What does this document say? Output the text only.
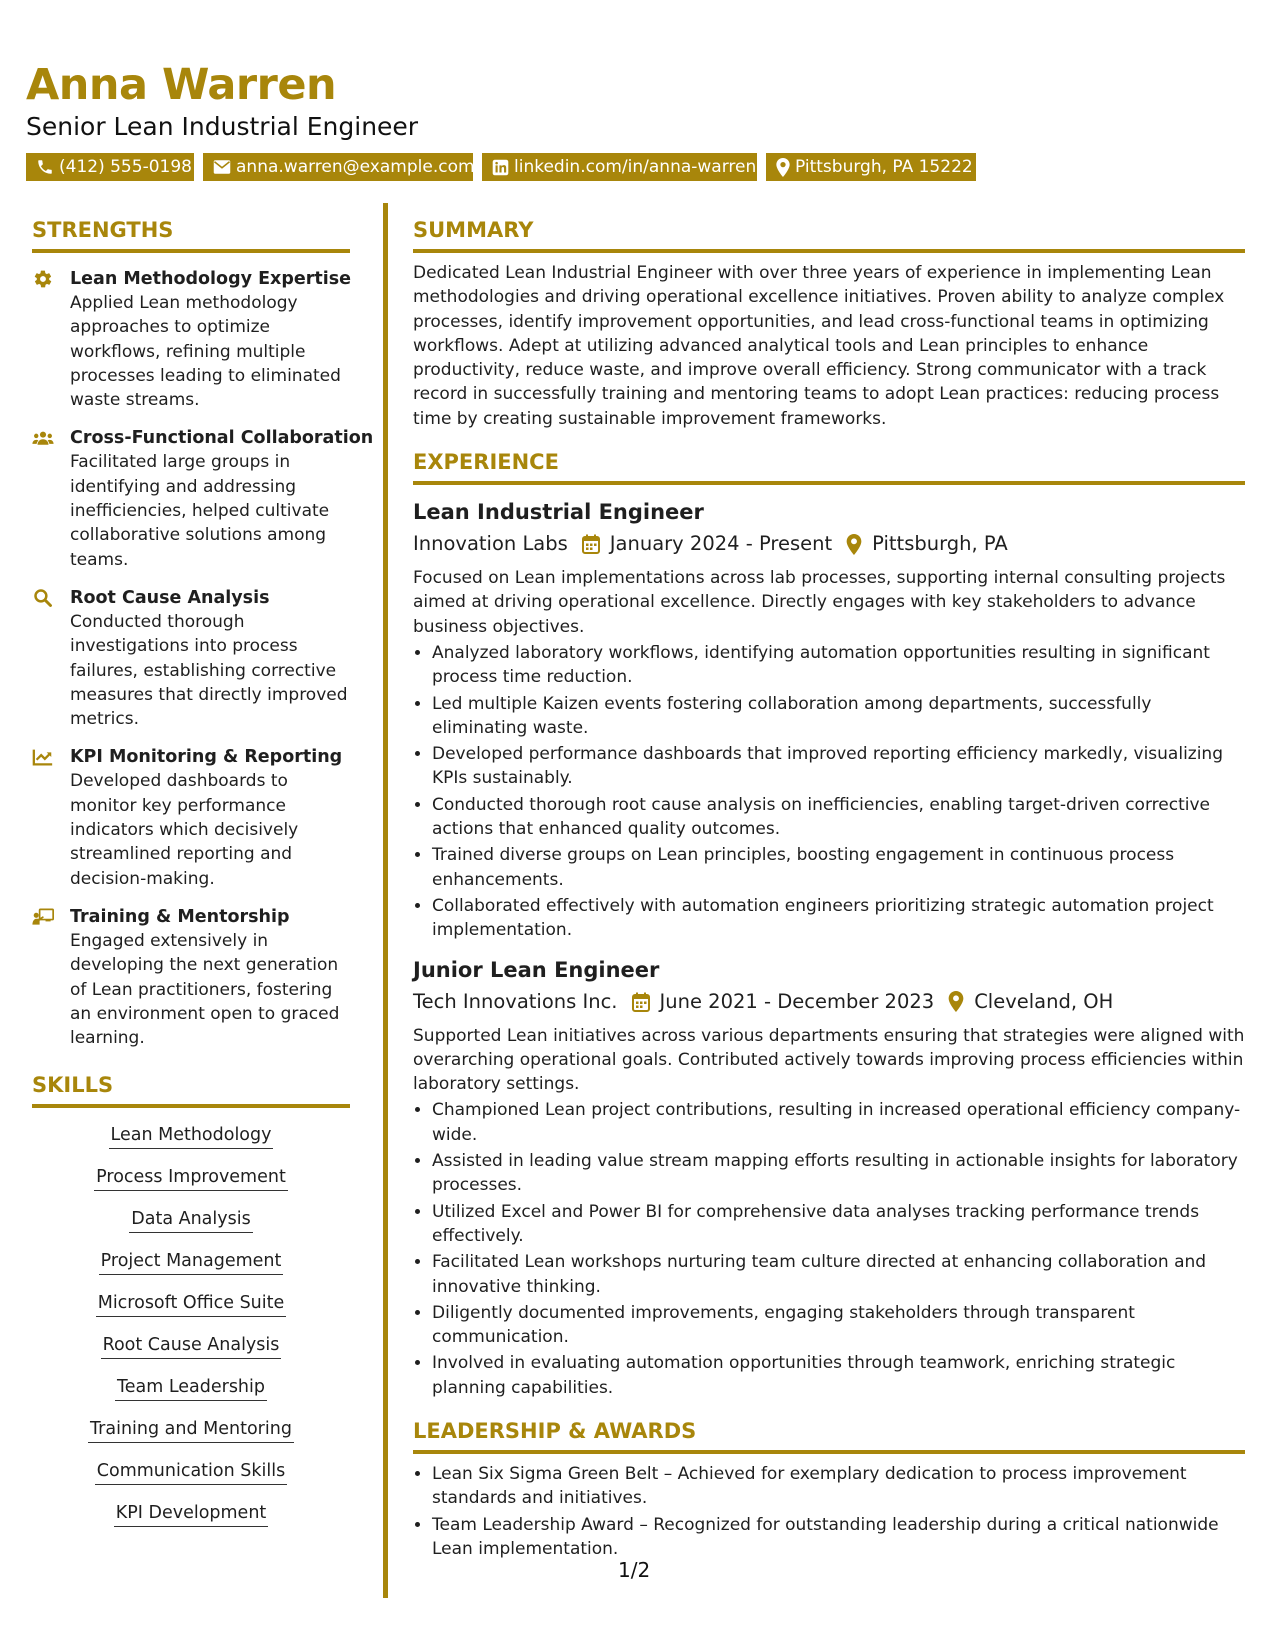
Anna Warren
Senior Lean Industrial Engineer
(412) 555-0198	anna.warren@example.com linkedin.com/in/anna-warren Pittsburgh, PA 15222
STRENGTHS
Lean Methodology Expertise
Applied Lean methodology approaches to optimize workflows, refining multiple processes leading to eliminated waste streams.
Cross-Functional Collaboration
Facilitated large groups in identifying and addressing inefficiencies, helped cultivate collaborative solutions among teams.
Root Cause Analysis
Conducted thorough investigations into process failures, establishing corrective measures that directly improved metrics.
KPI Monitoring & Reporting
Developed dashboards to monitor key performance indicators which decisively streamlined reporting and decision-making.
Training & Mentorship
Engaged extensively in developing the next generation of Lean practitioners, fostering an environment open to graced learning.
SKILLS
Lean Methodology
Process Improvement
Data Analysis
Project Management
Microsoft Office Suite
Root Cause Analysis
Team Leadership
Training and Mentoring
Communication Skills
KPI Development
SUMMARY
Dedicated Lean Industrial Engineer with over three years of experience in implementing Lean methodologies and driving operational excellence initiatives. Proven ability to analyze complex processes, identify improvement opportunities, and lead cross-functional teams in optimizing workflows. Adept at utilizing advanced analytical tools and Lean principles to enhance productivity, reduce waste, and improve overall efficiency. Strong communicator with a track record in successfully training and mentoring teams to adopt Lean practices: reducing process time by creating sustainable improvement frameworks.
EXPERIENCE
Lean Industrial Engineer
Innovation Labs January 2024 - Present Pittsburgh, PA
Focused on Lean implementations across lab processes, supporting internal consulting projects aimed at driving operational excellence. Directly engages with key stakeholders to advance business objectives.
• Analyzed laboratory workflows, identifying automation opportunities resulting in significant process time reduction.
• Led multiple Kaizen events fostering collaboration among departments, successfully eliminating waste.
• Developed performance dashboards that improved reporting efficiency markedly, visualizing KPIs sustainably.
• Conducted thorough root cause analysis on inefficiencies, enabling target-driven corrective actions that enhanced quality outcomes.
• Trained diverse groups on Lean principles, boosting engagement in continuous process enhancements.
• Collaborated effectively with automation engineers prioritizing strategic automation project implementation.
Junior Lean Engineer
Tech Innovations Inc. June 2021 - December 2023 Cleveland, OH
Supported Lean initiatives across various departments ensuring that strategies were aligned with overarching operational goals. Contributed actively towards improving process efficiencies within laboratory settings.
• Championed Lean project contributions, resulting in increased operational efficiency company-wide.
• Assisted in leading value stream mapping efforts resulting in actionable insights for laboratory processes.
• Utilized Excel and Power BI for comprehensive data analyses tracking performance trends effectively.
• Facilitated Lean workshops nurturing team culture directed at enhancing collaboration and innovative thinking.
• Diligently documented improvements, engaging stakeholders through transparent communication.
• Involved in evaluating automation opportunities through teamwork, enriching strategic planning capabilities.
LEADERSHIP & AWARDS
• Lean Six Sigma Green Belt – Achieved for exemplary dedication to process improvement standards and initiatives.
• Team Leadership Award – Recognized for outstanding leadership during a critical nationwide Lean implementation.
1/2
